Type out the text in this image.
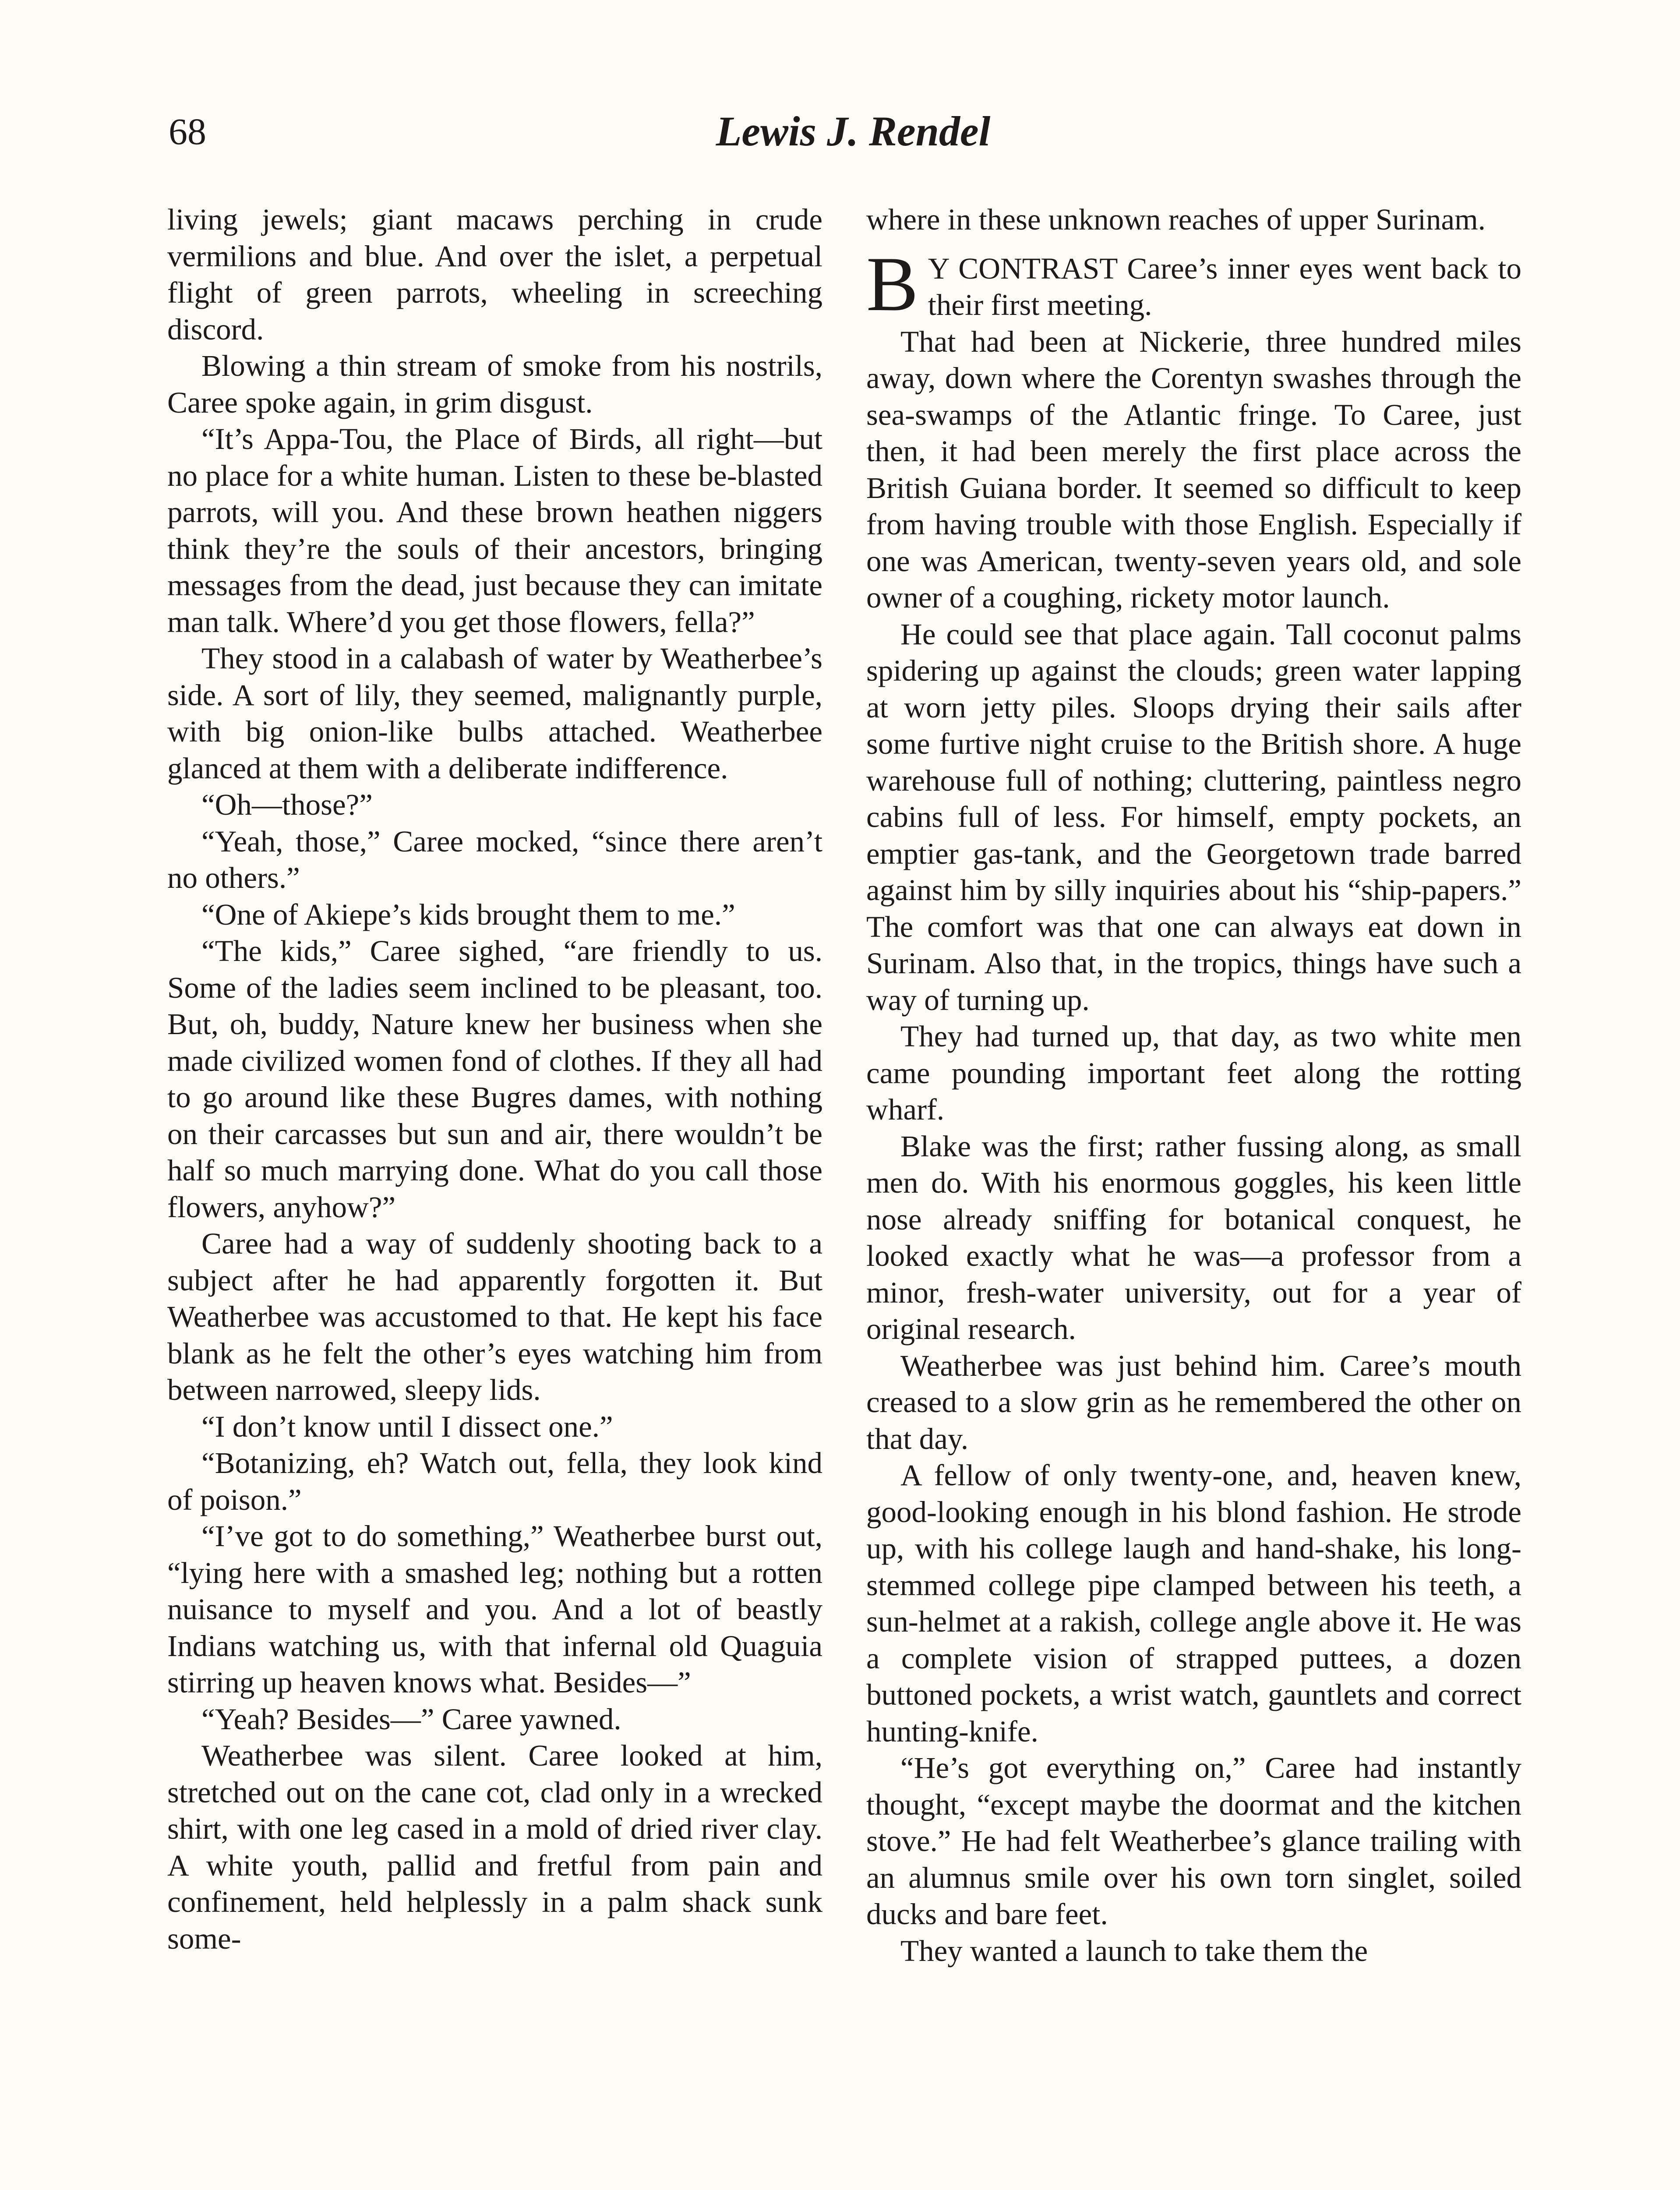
68	Lewis J. Rendel

living jewels; giant macaws perching in crude vermilions and blue. And over the islet, a perpetual flight of green parrots, wheeling in screeching discord.

Blowing a thin stream of smoke from his nostrils, Caree spoke again, in grim disgust.

“It’s Appa-Tou, the Place of Birds, all right—but no place for a white human. Listen to these be-blasted parrots, will you. And these brown heathen niggers think they’re the souls of their ancestors, bringing messages from the dead, just because they can imitate man talk. Where’d you get those flowers, fella?”

They stood in a calabash of water by Weatherbee’s side. A sort of lily, they seemed, malignantly purple, with big onion-like bulbs attached. Weatherbee glanced at them with a deliberate indifference.

“Oh—those?”

“Yeah, those,” Caree mocked, “since there aren’t no others.”

“One of Akiepe’s kids brought them to me.”

“The kids,” Caree sighed, “are friendly to us. Some of the ladies seem inclined to be pleasant, too. But, oh, buddy, Nature knew her business when she made civilized women fond of clothes. If they all had to go around like these Bugres dames, with nothing on their carcasses but sun and air, there wouldn’t be half so much marrying done. What do you call those flowers, anyhow?”

Caree had a way of suddenly shooting back to a subject after he had apparently forgotten it. But Weatherbee was accustomed to that. He kept his face blank as he felt the other’s eyes watching him from between narrowed, sleepy lids.

“I don’t know until I dissect one.”

“Botanizing, eh? Watch out, fella, they look kind of poison.”

“I’ve got to do something,” Weatherbee burst out, “lying here with a smashed leg; nothing but a rotten nuisance to myself and you. And a lot of beastly Indians watching us, with that infernal old Quaguia stirring up heaven knows what. Besides—”

“Yeah? Besides—” Caree yawned.

Weatherbee was silent. Caree looked at him, stretched out on the cane cot, clad only in a wrecked shirt, with one leg cased in a mold of dried river clay. A white youth, pallid and fretful from pain and confinement, held helplessly in a palm shack sunk some-

where in these unknown reaches of upper Surinam.

BY CONTRAST Caree’s inner eyes went back to their first meeting.

That had been at Nickerie, three hundred miles away, down where the Corentyn swashes through the sea-swamps of the Atlantic fringe. To Caree, just then, it had been merely the first place across the British Guiana border. It seemed so difficult to keep from having trouble with those English. Especially if one was American, twenty-seven years old, and sole owner of a coughing, rickety motor launch.

He could see that place again. Tall coconut palms spidering up against the clouds; green water lapping at worn jetty piles. Sloops drying their sails after some furtive night cruise to the British shore. A huge warehouse full of nothing; cluttering, paintless negro cabins full of less. For himself, empty pockets, an emptier gas-tank, and the Georgetown trade barred against him by silly inquiries about his “ship-papers.” The comfort was that one can always eat down in Surinam. Also that, in the tropics, things have such a way of turning up.

They had turned up, that day, as two white men came pounding important feet along the rotting wharf.

Blake was the first; rather fussing along, as small men do. With his enormous goggles, his keen little nose already sniffing for botanical conquest, he looked exactly what he was—a professor from a minor, fresh-water university, out for a year of original research.

Weatherbee was just behind him. Caree’s mouth creased to a slow grin as he remembered the other on that day.

A fellow of only twenty-one, and, heaven knew, good-looking enough in his blond fashion. He strode up, with his college laugh and hand-shake, his long-stemmed college pipe clamped between his teeth, a sun-helmet at a rakish, college angle above it. He was a complete vision of strapped puttees, a dozen buttoned pockets, a wrist watch, gauntlets and correct hunting-knife.

“He’s got everything on,” Caree had instantly thought, “except maybe the doormat and the kitchen stove.” He had felt Weatherbee’s glance trailing with an alumnus smile over his own torn singlet, soiled ducks and bare feet.

They wanted a launch to take them the
